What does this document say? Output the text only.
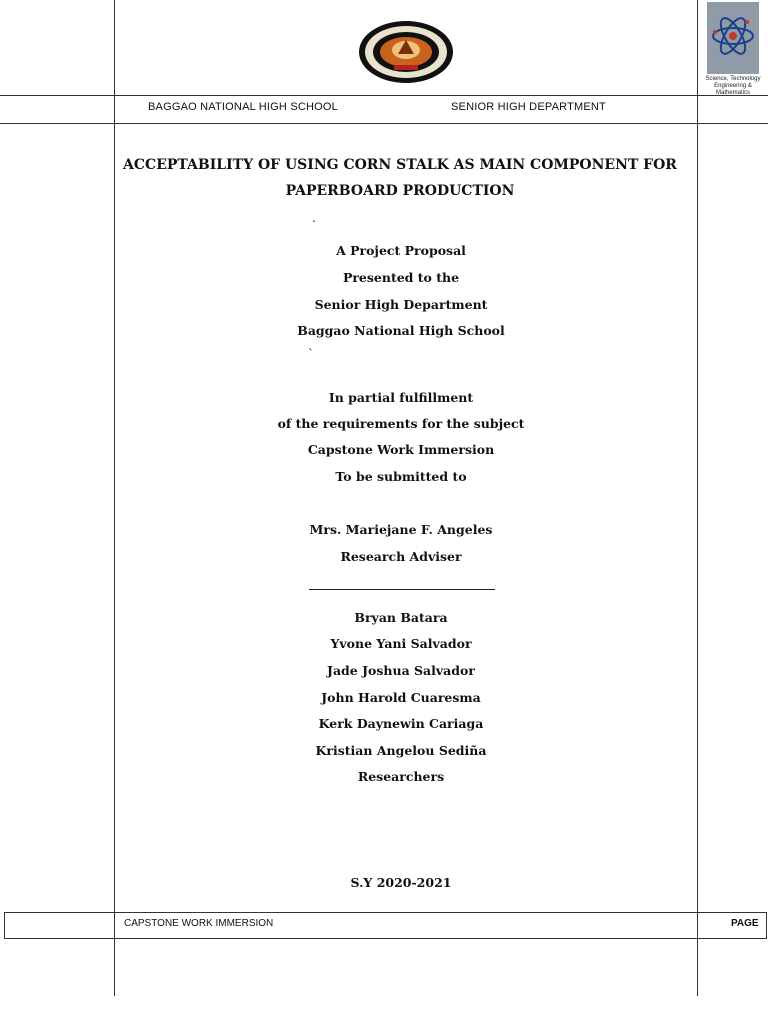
Science, Technology
Engineering & Mathematics
BAGGAO NATIONAL HIGH SCHOOL	SENIOR HIGH DEPARTMENT
ACCEPTABILITY OF USING CORN STALK AS MAIN COMPONENT FOR
PAPERBOARD PRODUCTION
.
A Project Proposal
Presented to the
Senior High Department
Baggao National High School
`
In partial fulfillment
of the requirements for the subject
Capstone Work Immersion
To be submitted to
Mrs. Mariejane F. Angeles
Research Adviser
Bryan Batara
Yvone Yani Salvador
Jade Joshua Salvador
John Harold Cuaresma
Kerk Daynewin Cariaga
Kristian Angelou Sediña
Researchers
S.Y 2020-2021
CAPSTONE WORK IMMERSION	PAGE
